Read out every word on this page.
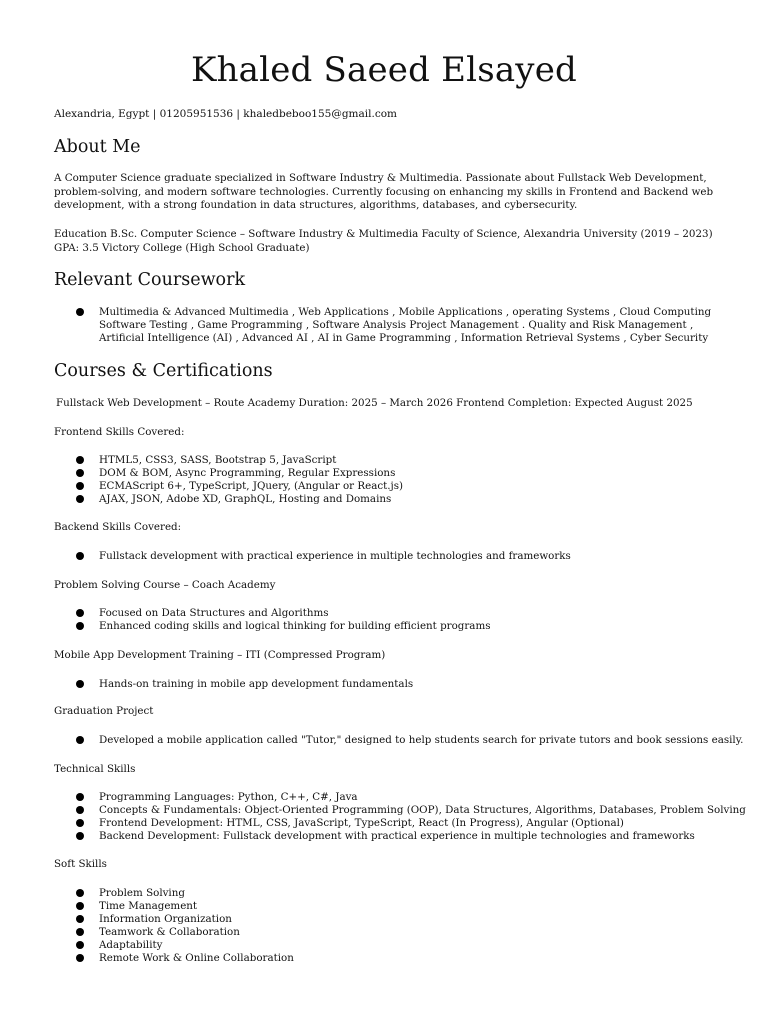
Khaled Saeed Elsayed
Alexandria, Egypt | 01205951536 | khaledbeboo155@gmail.com
About Me

A Computer Science graduate specialized in Software Industry & Multimedia. Passionate about Fullstack Web Development, problem-solving, and modern software technologies. Currently focusing on enhancing my skills in Frontend and Backend web development, with a strong foundation in data structures, algorithms, databases, and cybersecurity.

Education B.Sc. Computer Science – Software Industry & Multimedia Faculty of Science, Alexandria University (2019 – 2023) GPA: 3.5 Victory College (High School Graduate)

Relevant Coursework
Multimedia & Advanced Multimedia , Web Applications , Mobile Applications , operating Systems , Cloud Computing Software Testing , Game Programming , Software Analysis Project Management . Quality and Risk Management , Artificial Intelligence (AI) , Advanced AI , AI in Game Programming , Information Retrieval Systems , Cyber Security
Courses & Certifications
Fullstack Web Development – Route Academy Duration: 2025 – March 2026 Frontend Completion: Expected August 2025
Frontend Skills Covered:
HTML5, CSS3, SASS, Bootstrap 5, JavaScript
DOM & BOM, Async Programming, Regular Expressions
ECMAScript 6+, TypeScript, JQuery, (Angular or React.js)
AJAX, JSON, Adobe XD, GraphQL, Hosting and Domains
Backend Skills Covered:
Fullstack development with practical experience in multiple technologies and frameworks
Problem Solving Course – Coach Academy
Focused on Data Structures and Algorithms
Enhanced coding skills and logical thinking for building efficient programs
Mobile App Development Training – ITI (Compressed Program)
Hands-on training in mobile app development fundamentals
Graduation Project
Developed a mobile application called "Tutor," designed to help students search for private tutors and book sessions easily.
Technical Skills
Programming Languages: Python, C++, C#, Java
Concepts & Fundamentals: Object-Oriented Programming (OOP), Data Structures, Algorithms, Databases, Problem Solving
Frontend Development: HTML, CSS, JavaScript, TypeScript, React (In Progress), Angular (Optional)
Backend Development: Fullstack development with practical experience in multiple technologies and frameworks
Soft Skills
Problem Solving
Time Management
Information Organization
Teamwork & Collaboration
Adaptability
Remote Work & Online Collaboration
